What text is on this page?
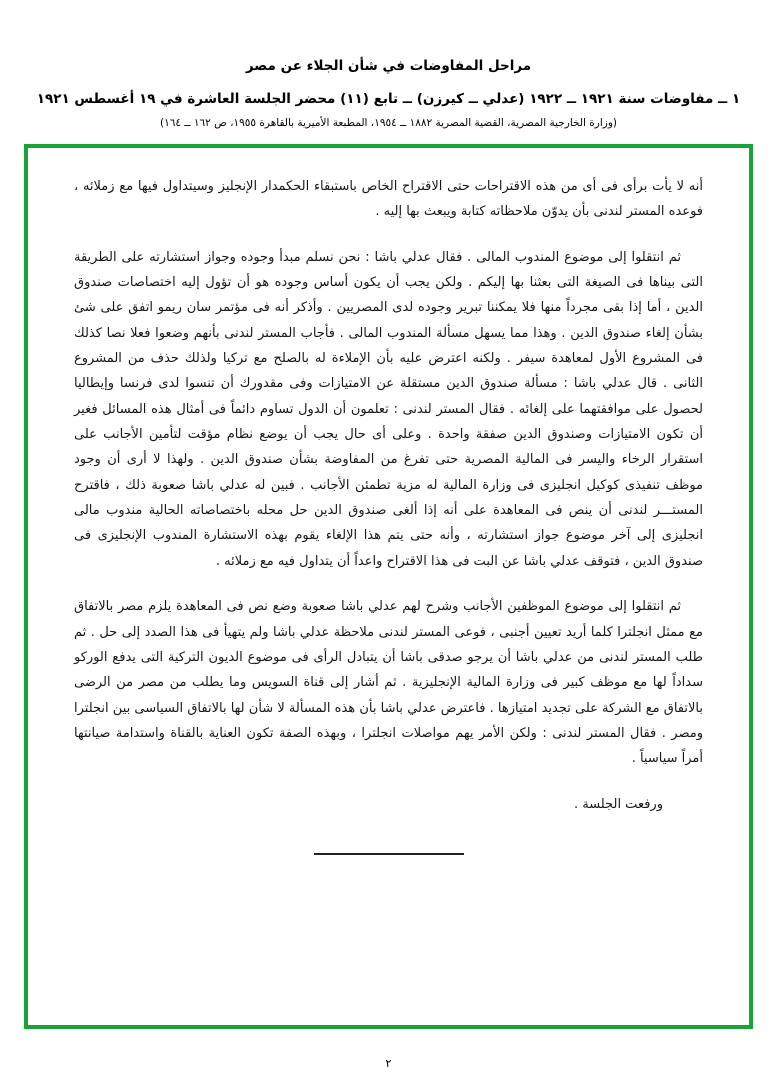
مراحل المفاوضات في شأن الجلاء عن مصر
١ ــ مفاوضات سنة ١٩٢١ ــ ١٩٢٢ (عدلي ــ كيرزن) ــ تابع (١١) محضر الجلسة العاشرة في ١٩ أغسطس ١٩٢١
(وزارة الخارجية المصرية، القضية المصرية ١٨٨٢ ــ ١٩٥٤، المطبعة الأميرية بالقاهرة ١٩٥٥، ص ١٦٢ ــ ١٦٤)

أنه لا يأت برأى فى أى من هذه الاقتراحات حتى الاقتراح الخاص باستبقاء الحكمدار الإنجليز وسيتداول فيها مع زملائه ، فوعده المستر لندنى بأن يدوّن ملاحظاته كتابة ويبعث بها إليه .

ثم انتقلوا إلى موضوع المندوب المالى . فقال عدلي باشا : نحن نسلم مبدأ وجوده وجواز استشارته على الطريقة التى بيناها فى الصيغة التى بعثنا بها إليكم . ولكن يجب أن يكون أساس وجوده هو أن تؤول إليه اختصاصات صندوق الدين ، أما إذا بقى مجرداً منها فلا يمكننا تبرير وجوده لدى المصريين . وأذكر أنه فى مؤتمر سان ريمو اتفق على شئ بشأن إلغاء صندوق الدين . وهذا مما يسهل مسألة المندوب المالى . فأجاب المستر لندنى بأنهم وضعوا فعلا نصا كذلك فى المشروع الأول لمعاهدة سيفر . ولكنه اعترض عليه بأن الإملاءة له بالصلح مع تركيا ولذلك حذف من المشروع الثانى . قال عدلي باشا : مسألة صندوق الدين مستقلة عن الامتيازات وفى مقدورك أن تنسوا لدى فرنسا وإيطاليا لحصول على موافقتهما على إلغائه . فقال المستر لندنى : تعلمون أن الدول تساوم دائماً فى أمثال هذه المسائل فغير أن تكون الامتيازات وصندوق الدين صفقة واحدة . وعلى أى حال يجب أن يوضع نظام مؤقت لتأمين الأجانب على استقرار الرخاء واليسر فى المالية المصرية حتى تفرغ من المفاوضة بشأن صندوق الدين . ولهذا لا أرى أن وجود موظف تنفيذى كوكيل انجليزى فى وزارة المالية له مزية تطمئن الأجانب . فبين له عدلي باشا صعوبة ذلك ، فاقترح المستـــر لندنى أن ينص فى المعاهدة على أنه إذا ألغى صندوق الدين حل محله باختصاصاته الحالية مندوب مالى انجليزى إلى آخر موضوع جواز استشارته ، وأنه حتى يتم هذا الإلغاء يقوم بهذه الاستشارة المندوب الإنجليزى فى صندوق الدين ، فتوقف عدلي باشا عن البت فى هذا الاقتراح واعداً أن يتداول فيه مع زملائه .

ثم انتقلوا إلى موضوع الموظفين الأجانب وشرح لهم عدلي باشا صعوبة وضع نص فى المعاهدة يلزم مصر بالاتفاق مع ممثل انجلترا كلما أريد تعيين أجنبى ، فوعى المستر لندنى ملاحظة عدلي باشا ولم يتهيأ فى هذا الصدد إلى حل . ثم طلب المستر لندنى من عدلي باشا أن يرجو صدقى باشا أن يتبادل الرأى فى موضوع الديون التركية التى يدفع الوركو سداداً لها مع موظف كبير فى وزارة المالية الإنجليزية . ثم أشار إلى قناة السويس وما يطلب من مصر من الرضى بالاتفاق مع الشركة على تجديد امتيازها . فاعترض عدلي باشا بأن هذه المسألة لا شأن لها بالاتفاق السياسى بين انجلترا ومصر . فقال المستر لندنى : ولكن الأمر يهم مواصلات انجلترا ، وبهذه الصفة تكون العناية بالقناة واستدامة صيانتها أمراً سياسياً .

ورفعت الجلسة .
٢
